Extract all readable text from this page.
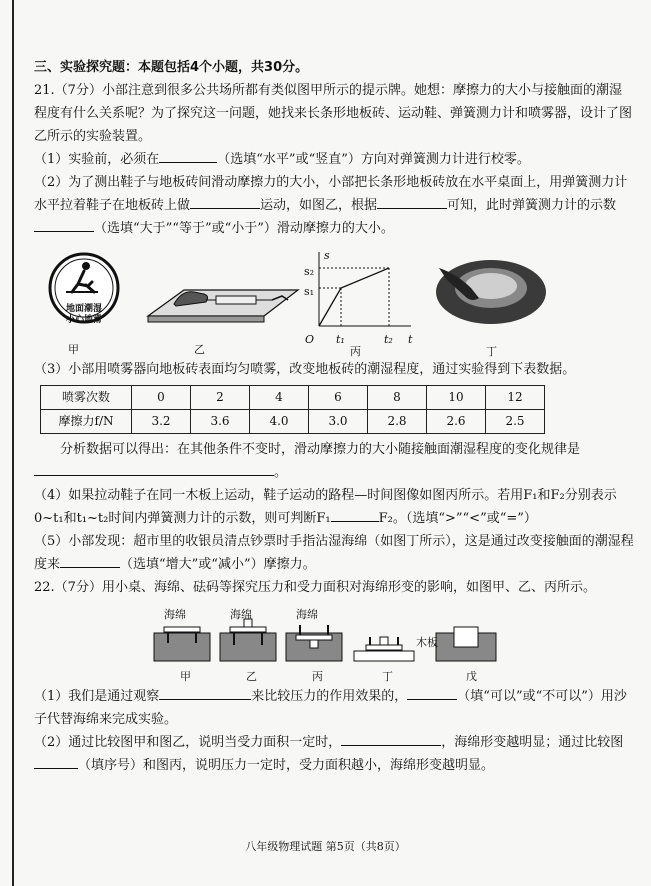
三、实验探究题：本题包括4个小题，共30分。

21.（7分）小部注意到很多公共场所都有类似图甲所示的提示牌。她想：摩擦力的大小与接触面的潮湿程度有什么关系呢？为了探究这一问题，她找来长条形地板砖、运动鞋、弹簧测力计和喷雾器，设计了图乙所示的实验装置。

（1）实验前，必须在	（选填“水平”或“竖直”）方向对弹簧测力计进行校零。

（2）为了测出鞋子与地板砖间滑动摩擦力的大小，小部把长条形地板砖放在水平桌面上，用弹簧测力计水平拉着鞋子在地板砖上做	运动，如图乙，根据	可知，此时弹簧测力计的示数（选填“大于”“等于”或“小于”）滑动摩擦力的大小。

地面潮湿
小心地滑
s
s₂
s₁
O t₁	t₂ t
甲	乙	丙	丁

（3）小部用喷雾器向地板砖表面均匀喷雾，改变地板砖的潮湿程度，通过实验得到下表数据。

喷雾次数	0	2	4	6	8	10	12
摩擦力f/N	3.2	3.6	4.0	3.0	2.8	2.6	2.5

分析数据可以得出：在其他条件不变时，滑动摩擦力的大小随接触面潮湿程度的变化规律是。

（4）如果拉动鞋子在同一木板上运动，鞋子运动的路程—时间图像如图丙所示。若用F₁和F₂分别表示0~t₁和t₁~t₂时间内弹簧测力计的示数，则可判断F₁	F₂。（选填“>”“<”或“=”）

（5）小部发现：超市里的收银员清点钞票时手指沾湿海绵（如图丁所示），这是通过改变接触面的潮湿程度来	（选填“增大”或“减小”）摩擦力。

22.（7分）用小桌、海绵、砝码等探究压力和受力面积对海绵形变的影响，如图甲、乙、丙所示。

海绵	海绵	海绵
木板
甲	乙	丙	丁	戊

（1）我们是通过观察	来比较压力的作用效果的，	（填“可以”或“不可以”）用沙子代替海绵来完成实验。

（2）通过比较图甲和图乙，说明当受力面积一定时，	，海绵形变越明显；通过比较图（填序号）和图丙，说明压力一定时，受力面积越小，海绵形变越明显。

八年级物理试题 第5页（共8页）
